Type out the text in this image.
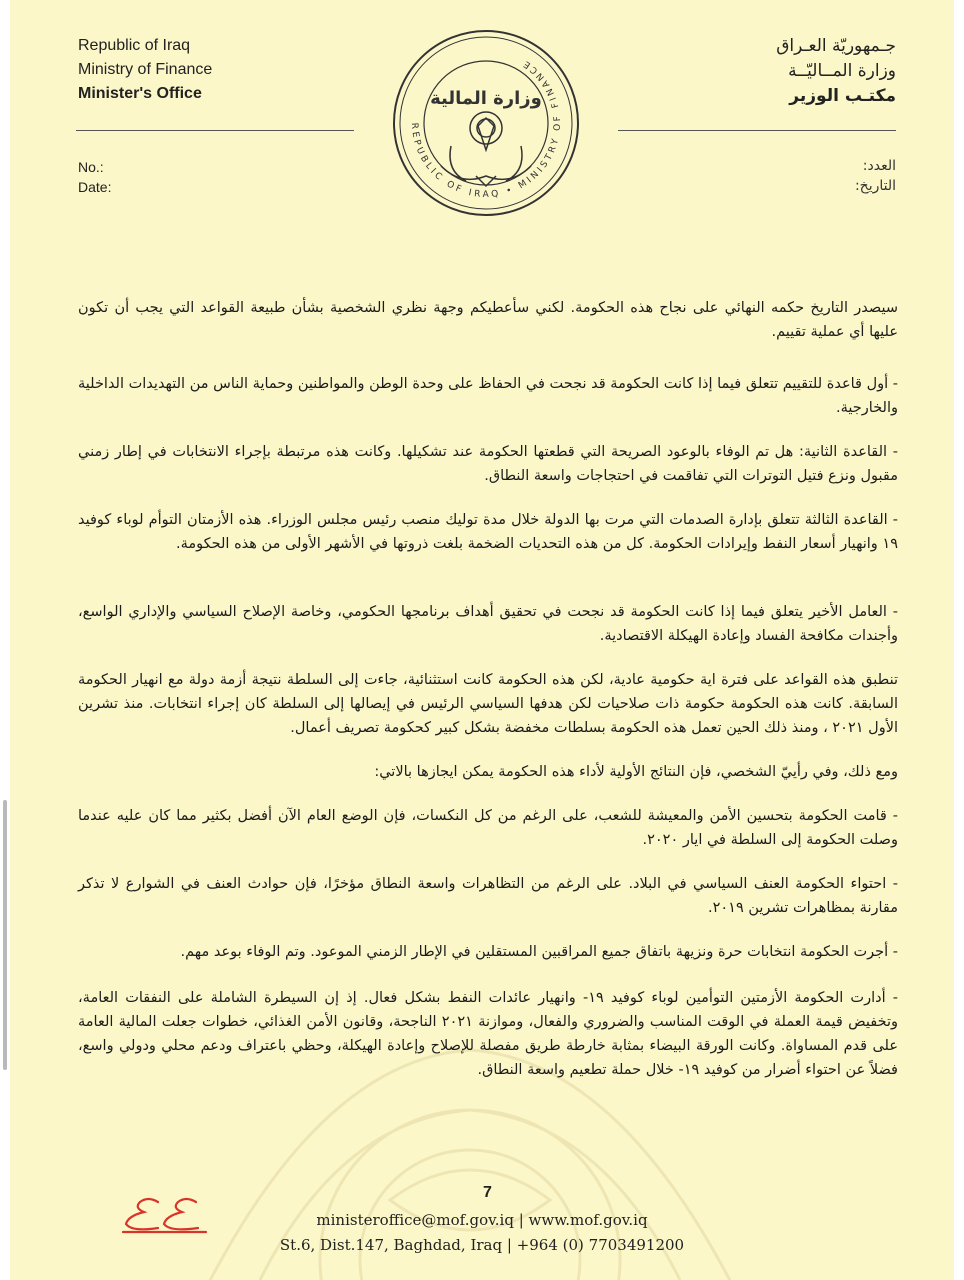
Republic of Iraq
Ministry of Finance
Minister's Office
جـمهوريّة العـراق
وزارة المــاليّــة
مكتـب الوزير
No.:
Date:
العدد:
التاريخ:
REPUBLIC OF IRAQ • MINISTRY OF FINANCE
وزارة المالية

سيصدر التاريخ حكمه النهائي على نجاح هذه الحكومة. لكني سأعطيكم وجهة نظري الشخصية بشأن طبيعة القواعد التي يجب أن تكون عليها أي عملية تقييم.

- أول قاعدة للتقييم تتعلق فيما إذا كانت الحكومة قد نجحت في الحفاظ على وحدة الوطن والمواطنين وحماية الناس من التهديدات الداخلية والخارجية.

- القاعدة الثانية: هل تم الوفاء بالوعود الصريحة التي قطعتها الحكومة عند تشكيلها. وكانت هذه مرتبطة بإجراء الانتخابات في إطار زمني مقبول ونزع فتيل التوترات التي تفاقمت في احتجاجات واسعة النطاق.

- القاعدة الثالثة تتعلق بإدارة الصدمات التي مرت بها الدولة خلال مدة توليك منصب رئيس مجلس الوزراء. هذه الأزمتان التوأم لوباء كوفيد ١٩ وانهيار أسعار النفط وإيرادات الحكومة. كل من هذه التحديات الضخمة بلغت ذروتها في الأشهر الأولى من هذه الحكومة.

- العامل الأخير يتعلق فيما إذا كانت الحكومة قد نجحت في تحقيق أهداف برنامجها الحكومي، وخاصة الإصلاح السياسي والإداري الواسع، وأجندات مكافحة الفساد وإعادة الهيكلة الاقتصادية.

تنطبق هذه القواعد على فترة اية حكومية عادية، لكن هذه الحكومة كانت استثنائية، جاءت إلى السلطة نتيجة أزمة دولة مع انهيار الحكومة السابقة. كانت هذه الحكومة حكومة ذات صلاحيات لكن هدفها السياسي الرئيس في إيصالها إلى السلطة كان إجراء انتخابات. منذ تشرين الأول ٢٠٢١ ، ومنذ ذلك الحين تعمل هذه الحكومة بسلطات مخفضة بشكل كبير كحكومة تصريف أعمال.

ومع ذلك، وفي رأييّ الشخصي، فإن النتائج الأولية لأداء هذه الحكومة يمكن ايجازها بالاتي:

- قامت الحكومة بتحسين الأمن والمعيشة للشعب، على الرغم من كل النكسات، فإن الوضع العام الآن أفضل بكثير مما كان عليه عندما وصلت الحكومة إلى السلطة في ايار ٢٠٢٠.

- احتواء الحكومة العنف السياسي في البلاد. على الرغم من التظاهرات واسعة النطاق مؤخرًا، فإن حوادث العنف في الشوارع لا تذكر مقارنة بمظاهرات تشرين ٢٠١٩.

- أجرت الحكومة انتخابات حرة ونزيهة باتفاق جميع المراقبين المستقلين في الإطار الزمني الموعود. وتم الوفاء بوعد مهم.

- أدارت الحكومة الأزمتين التوأمين لوباء كوفيد ١٩- وانهيار عائدات النفط بشكل فعال. إذ إن السيطرة الشاملة على النفقات العامة، وتخفيض قيمة العملة في الوقت المناسب والضروري والفعال، وموازنة ٢٠٢١ الناجحة، وقانون الأمن الغذائي، خطوات جعلت المالية العامة على قدم المساواة. وكانت الورقة البيضاء بمثابة خارطة طريق مفصلة للإصلاح وإعادة الهيكلة، وحظي باعتراف ودعم محلي ودولي واسع، فضلاً عن احتواء أضرار من كوفيد ١٩- خلال حملة تطعيم واسعة النطاق.

7
ministeroffice@mof.gov.iq | www.mof.gov.iq
St.6, Dist.147, Baghdad, Iraq | +964 (0) 7703491200
